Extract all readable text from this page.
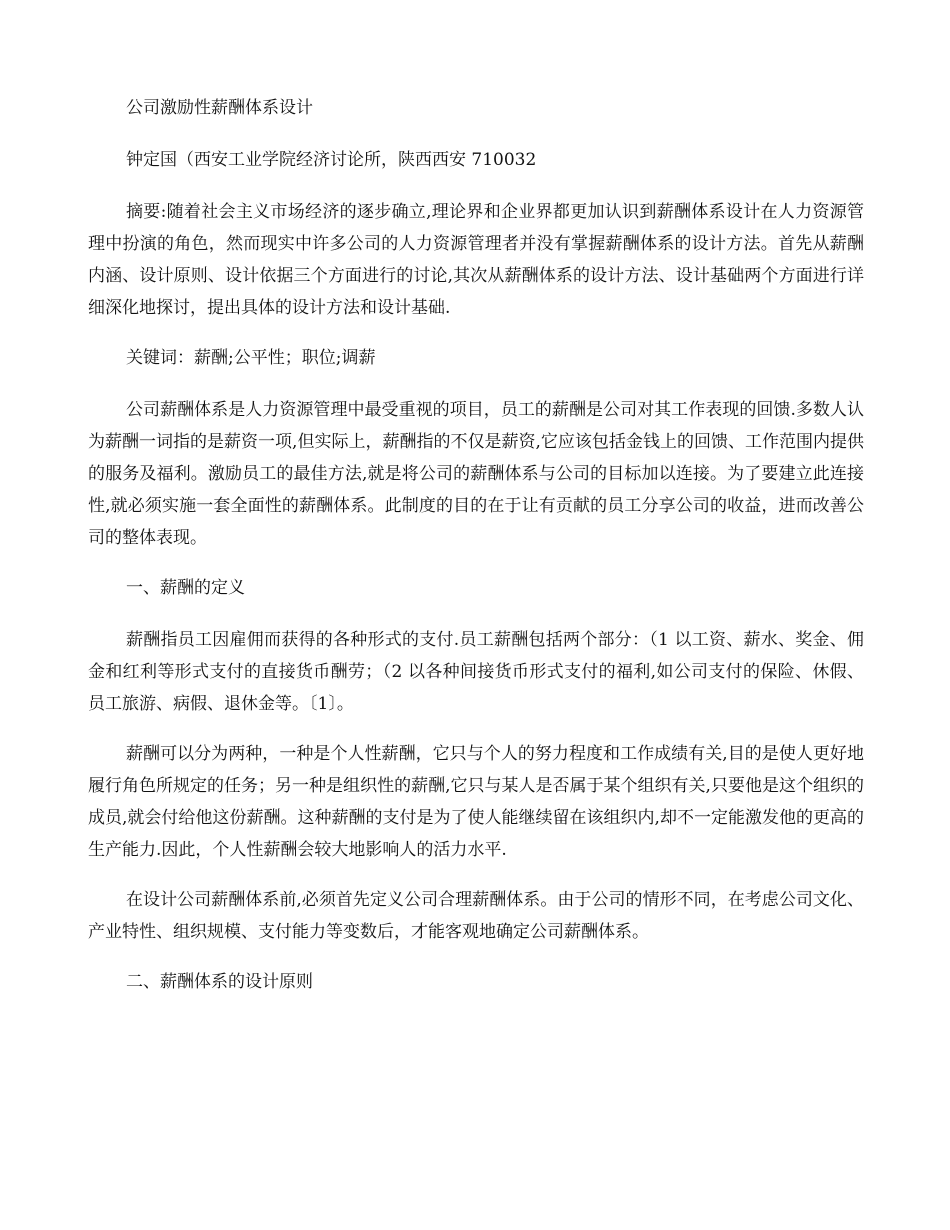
公司激励性薪酬体系设计

钟定国（西安工业学院经济讨论所，陕西西安 710032

摘要:随着社会主义市场经济的逐步确立,理论界和企业界都更加认识到薪酬体系设计在人力资源管理中扮演的角色，然而现实中许多公司的人力资源管理者并没有掌握薪酬体系的设计方法。首先从薪酬内涵、设计原则、设计依据三个方面进行的讨论,其次从薪酬体系的设计方法、设计基础两个方面进行详细深化地探讨，提出具体的设计方法和设计基础.

关键词：薪酬;公平性；职位;调薪

公司薪酬体系是人力资源管理中最受重视的项目，员工的薪酬是公司对其工作表现的回馈.多数人认为薪酬一词指的是薪资一项,但实际上，薪酬指的不仅是薪资,它应该包括金钱上的回馈、工作范围内提供的服务及福利。激励员工的最佳方法,就是将公司的薪酬体系与公司的目标加以连接。为了要建立此连接性,就必须实施一套全面性的薪酬体系。此制度的目的在于让有贡献的员工分享公司的收益，进而改善公司的整体表现。

一、薪酬的定义

薪酬指员工因雇佣而获得的各种形式的支付.员工薪酬包括两个部分：（1 以工资、薪水、奖金、佣金和红利等形式支付的直接货币酬劳；（2 以各种间接货币形式支付的福利,如公司支付的保险、休假、员工旅游、病假、退休金等。〔1〕。

薪酬可以分为两种，一种是个人性薪酬，它只与个人的努力程度和工作成绩有关,目的是使人更好地履行角色所规定的任务；另一种是组织性的薪酬,它只与某人是否属于某个组织有关,只要他是这个组织的成员,就会付给他这份薪酬。这种薪酬的支付是为了使人能继续留在该组织内,却不一定能激发他的更高的生产能力.因此，个人性薪酬会较大地影响人的活力水平.

在设计公司薪酬体系前,必须首先定义公司合理薪酬体系。由于公司的情形不同，在考虑公司文化、产业特性、组织规模、支付能力等变数后，才能客观地确定公司薪酬体系。

二、薪酬体系的设计原则
